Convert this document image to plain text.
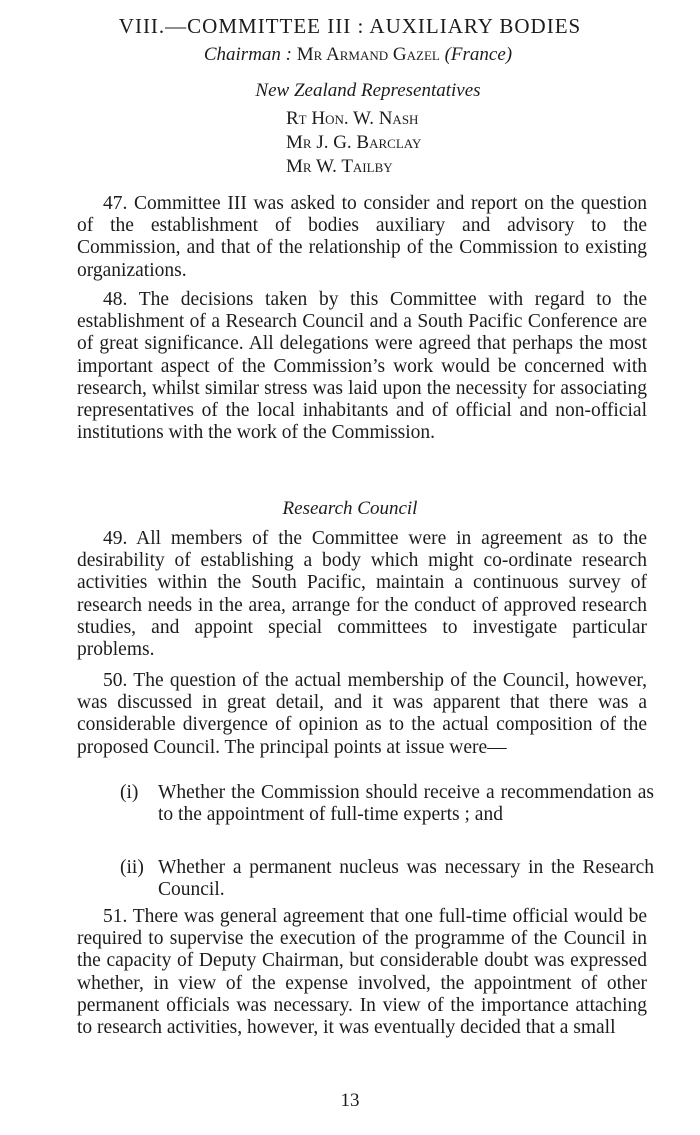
VIII.—COMMITTEE III : AUXILIARY BODIES
Chairman : Mr Armand Gazel (France)
New Zealand Representatives
Rt Hon. W. Nash
Mr J. G. Barclay
Mr W. Tailby

47. Committee III was asked to consider and report on the question of the establishment of bodies auxiliary and advisory to the Commission, and that of the relationship of the Commission to existing organizations.

48. The decisions taken by this Committee with regard to the establishment of a Research Council and a South Pacific Conference are of great significance. All delegations were agreed that perhaps the most important aspect of the Commission’s work would be concerned with research, whilst similar stress was laid upon the necessity for associating representatives of the local inhabitants and of official and non-official institutions with the work of the Commission.

Research Council

49. All members of the Committee were in agreement as to the desirability of establishing a body which might co-ordinate research activities within the South Pacific, maintain a continuous survey of research needs in the area, arrange for the conduct of approved research studies, and appoint special committees to investigate particular problems.

50. The question of the actual membership of the Council, however, was discussed in great detail, and it was apparent that there was a considerable divergence of opinion as to the actual composition of the proposed Council. The principal points at issue were—

(i)	Whether the Commission should receive a recommendation as to the appointment of full-time experts ; and
(ii) Whether a permanent nucleus was necessary in the Research Council.

51. There was general agreement that one full-time official would be required to supervise the execution of the programme of the Council in the capacity of Deputy Chairman, but considerable doubt was expressed whether, in view of the expense involved, the appointment of other permanent officials was necessary. In view of the importance attaching to research activities, however, it was eventually decided that a small

13
